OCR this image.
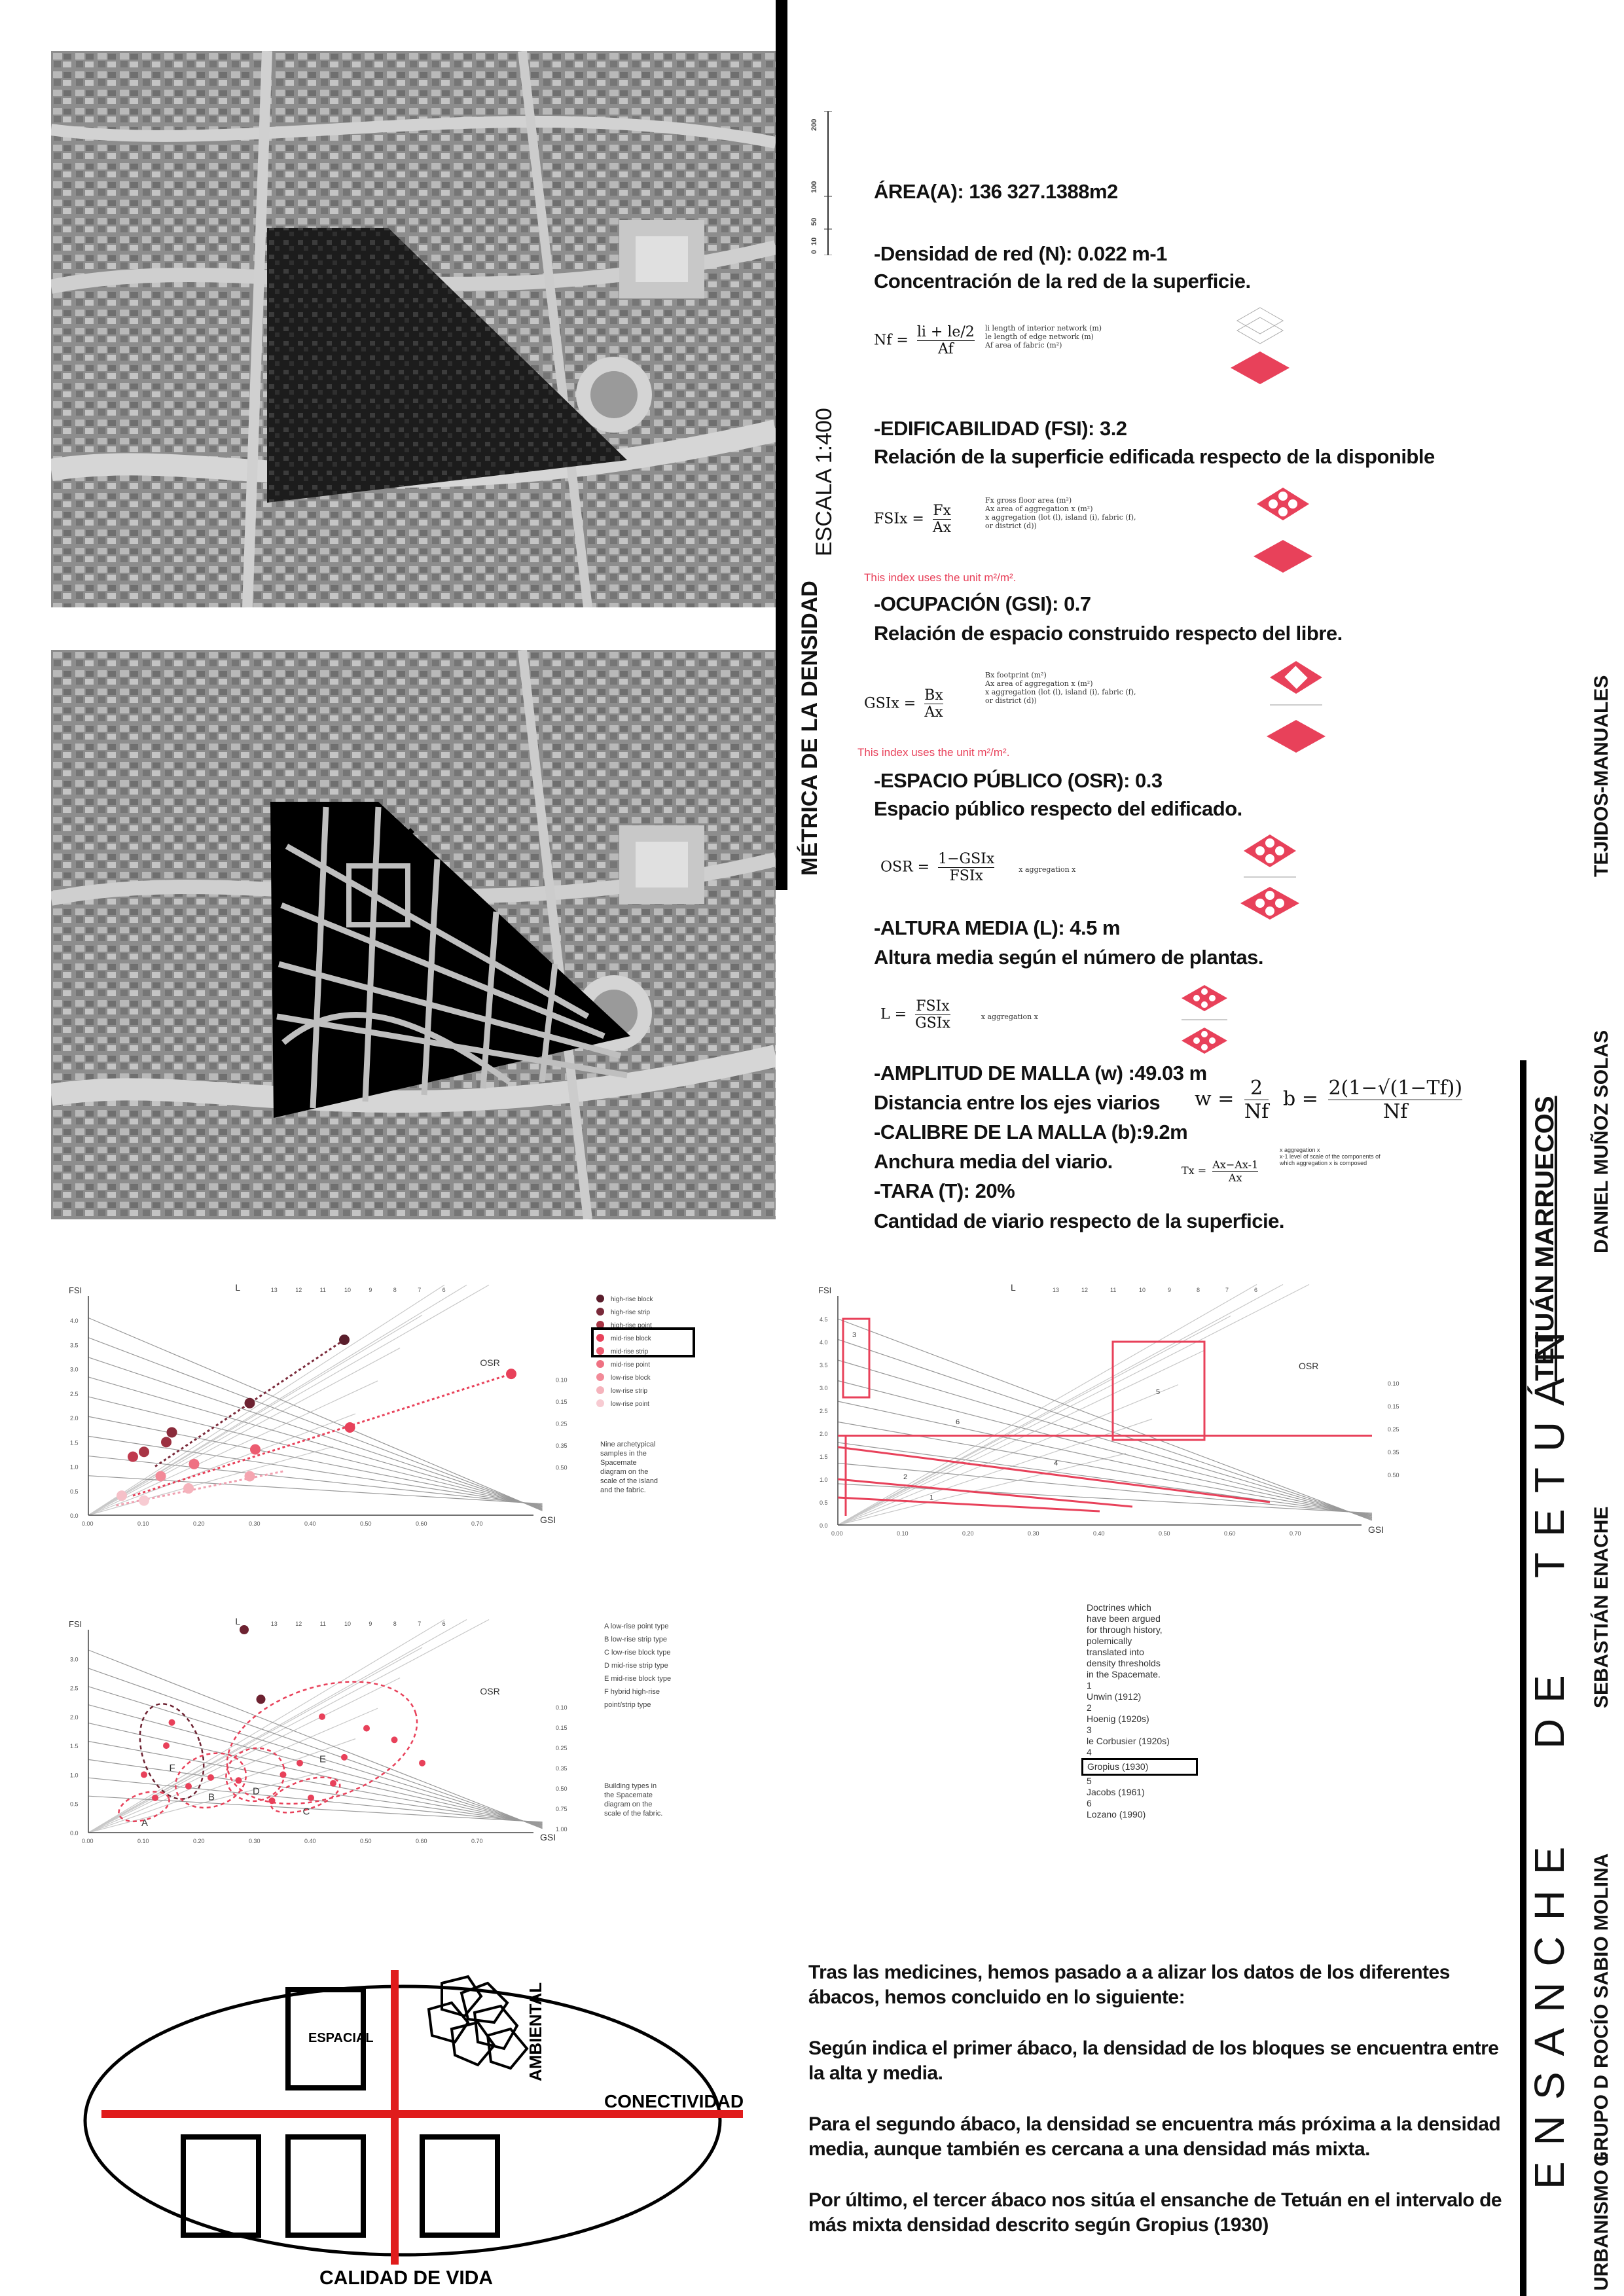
✖	MÉTRICA DE LA DENSIDAD
ESCALA 1:400
0
10
50
100
200
ÁREA(A): 136 327.1388m2
-Densidad de red (N): 0.022 m-1
Concentración de la red de la superficie.
$Nf = \frac{li + le/2}{Af}$ li length of interior network (m)
le length of edge network (m)
Af area of fabric (m²)
-EDIFICABILIDAD (FSI): 3.2
Relación de la superficie edificada respecto de la disponible
FSIx = $\frac{Fx}{Ax}$
Fx gross floor area (m²)
Ax area of aggregation x (m²)
x aggregation (lot (l), island (i), fabric (f),
or district (d))
This index uses the unit m²/m².
-OCUPACIÓN (GSI): 0.7
Relación de espacio construido respecto del libre.
GSIx = $\frac{Bx}{Ax}$
Bx footprint (m²)
Ax area of aggregation x (m²)
x aggregation (lot (l), island (i), fabric (f),
or district (d))
This index uses the unit m²/m².
-ESPACIO PÚBLICO (OSR): 0.3
Espacio público respecto del edificado.
OSR = 1−GSIx
FSIx	x aggregation x
-ALTURA MEDIA (L): 4.5 m
Altura media según el número de plantas.
L = FSIx
GSIx	x aggregation x
-AMPLITUD DE MALLA (w) :49.03 m
Distancia entre los ejes viarios
-CALIBRE DE LA MALLA (b):9.2m
Anchura media del viario.
-TARA (T): 20%
Cantidad de viario respecto de la superficie.
$w = \frac{2}{Nf}$ $b = \frac{2(1-√(1-Tf))}{Nf}$
$Tx = \frac{Ax-Ax-1}{Ax}$
x aggregation x
x-1 level of scale of the components of
which aggregation x is composed
FSI
GSI
OSR
L
0.0
0.5
1.0
1.5
2.0
2.5
3.0
3.5
4.0
0.00	0.10	0.20	0.30	0.40	0.50	0.60	0.70
13	12	11	10	9	8	7	6
0.10
0.15
0.25
0.35
0.50
high-rise block
high-rise strip
high-rise point
mid-rise block
mid-rise strip
mid-rise point
low-rise block
low-rise strip
low-rise point
Nine archetypical
samples in the
Spacemate
diagram on the
scale of the island
and the fabric.
FSI
GSI
OSR
L
0.0
0.5
1.0
1.5
2.0
2.5
3.0
0.00	0.10	0.20	0.30	0.40	0.50	0.60	0.70
13	12	11	10	9	8	7	6
0.10
0.15
0.25
0.35
0.50
0.75
1.00
F
B
D
E
C
A
A low-rise point type
B low-rise strip type
C low-rise block type
D mid-rise strip type
E mid-rise block type
F hybrid high-rise
point/strip type
Building types in
the Spacemate
diagram on the
scale of the fabric.
FSI
GSI
OSR
L
0.0
0.5
1.0
1.5
2.0
2.5
3.0
3.5
4.0
4.5
0.00	0.10	0.20	0.30	0.40	0.50	0.60	0.70
13	12	11	10	9	8	7	6
0.10
0.15
0.25
0.35
0.50
3
5
6
4
2
1
Doctrines which
have been argued
for through history,
polemically
translated into
density thresholds
in the Spacemate.
1
Unwin (1912)
2
Hoenig (1920s)
3
le Corbusier (1920s)
4
Gropius (1930)
5
Jacobs (1961)
6
Lozano (1990)
ESPACIAL	AMBIENTAL
CONECTIVIDAD
CALIDAD DE VIDA

Tras las medicines, hemos pasado a a alizar los datos de los diferentes ábacos, hemos concluido en lo siguiente:

Según indica el primer ábaco, la densidad de los bloques se encuentra entre la alta y media.

Para el segundo ábaco, la densidad se encuentra más próxima a la densidad media, aunque también es cercana a una densidad más mixta.

Por último, el tercer ábaco nos sitúa el ensanche de Tetuán en el intervalo de más mixta densidad descrito según Gropius (1930)

ENSANCHE   DE   TETUÁN
TETUÁN MARRUECOS
URBANISMO 1
GRUPO D
ROCÍO SABIO MOLINA
SEBASTIÁN ENACHE
DANIEL MUÑOZ SOLAS
TEJIDOS-MANUALES
